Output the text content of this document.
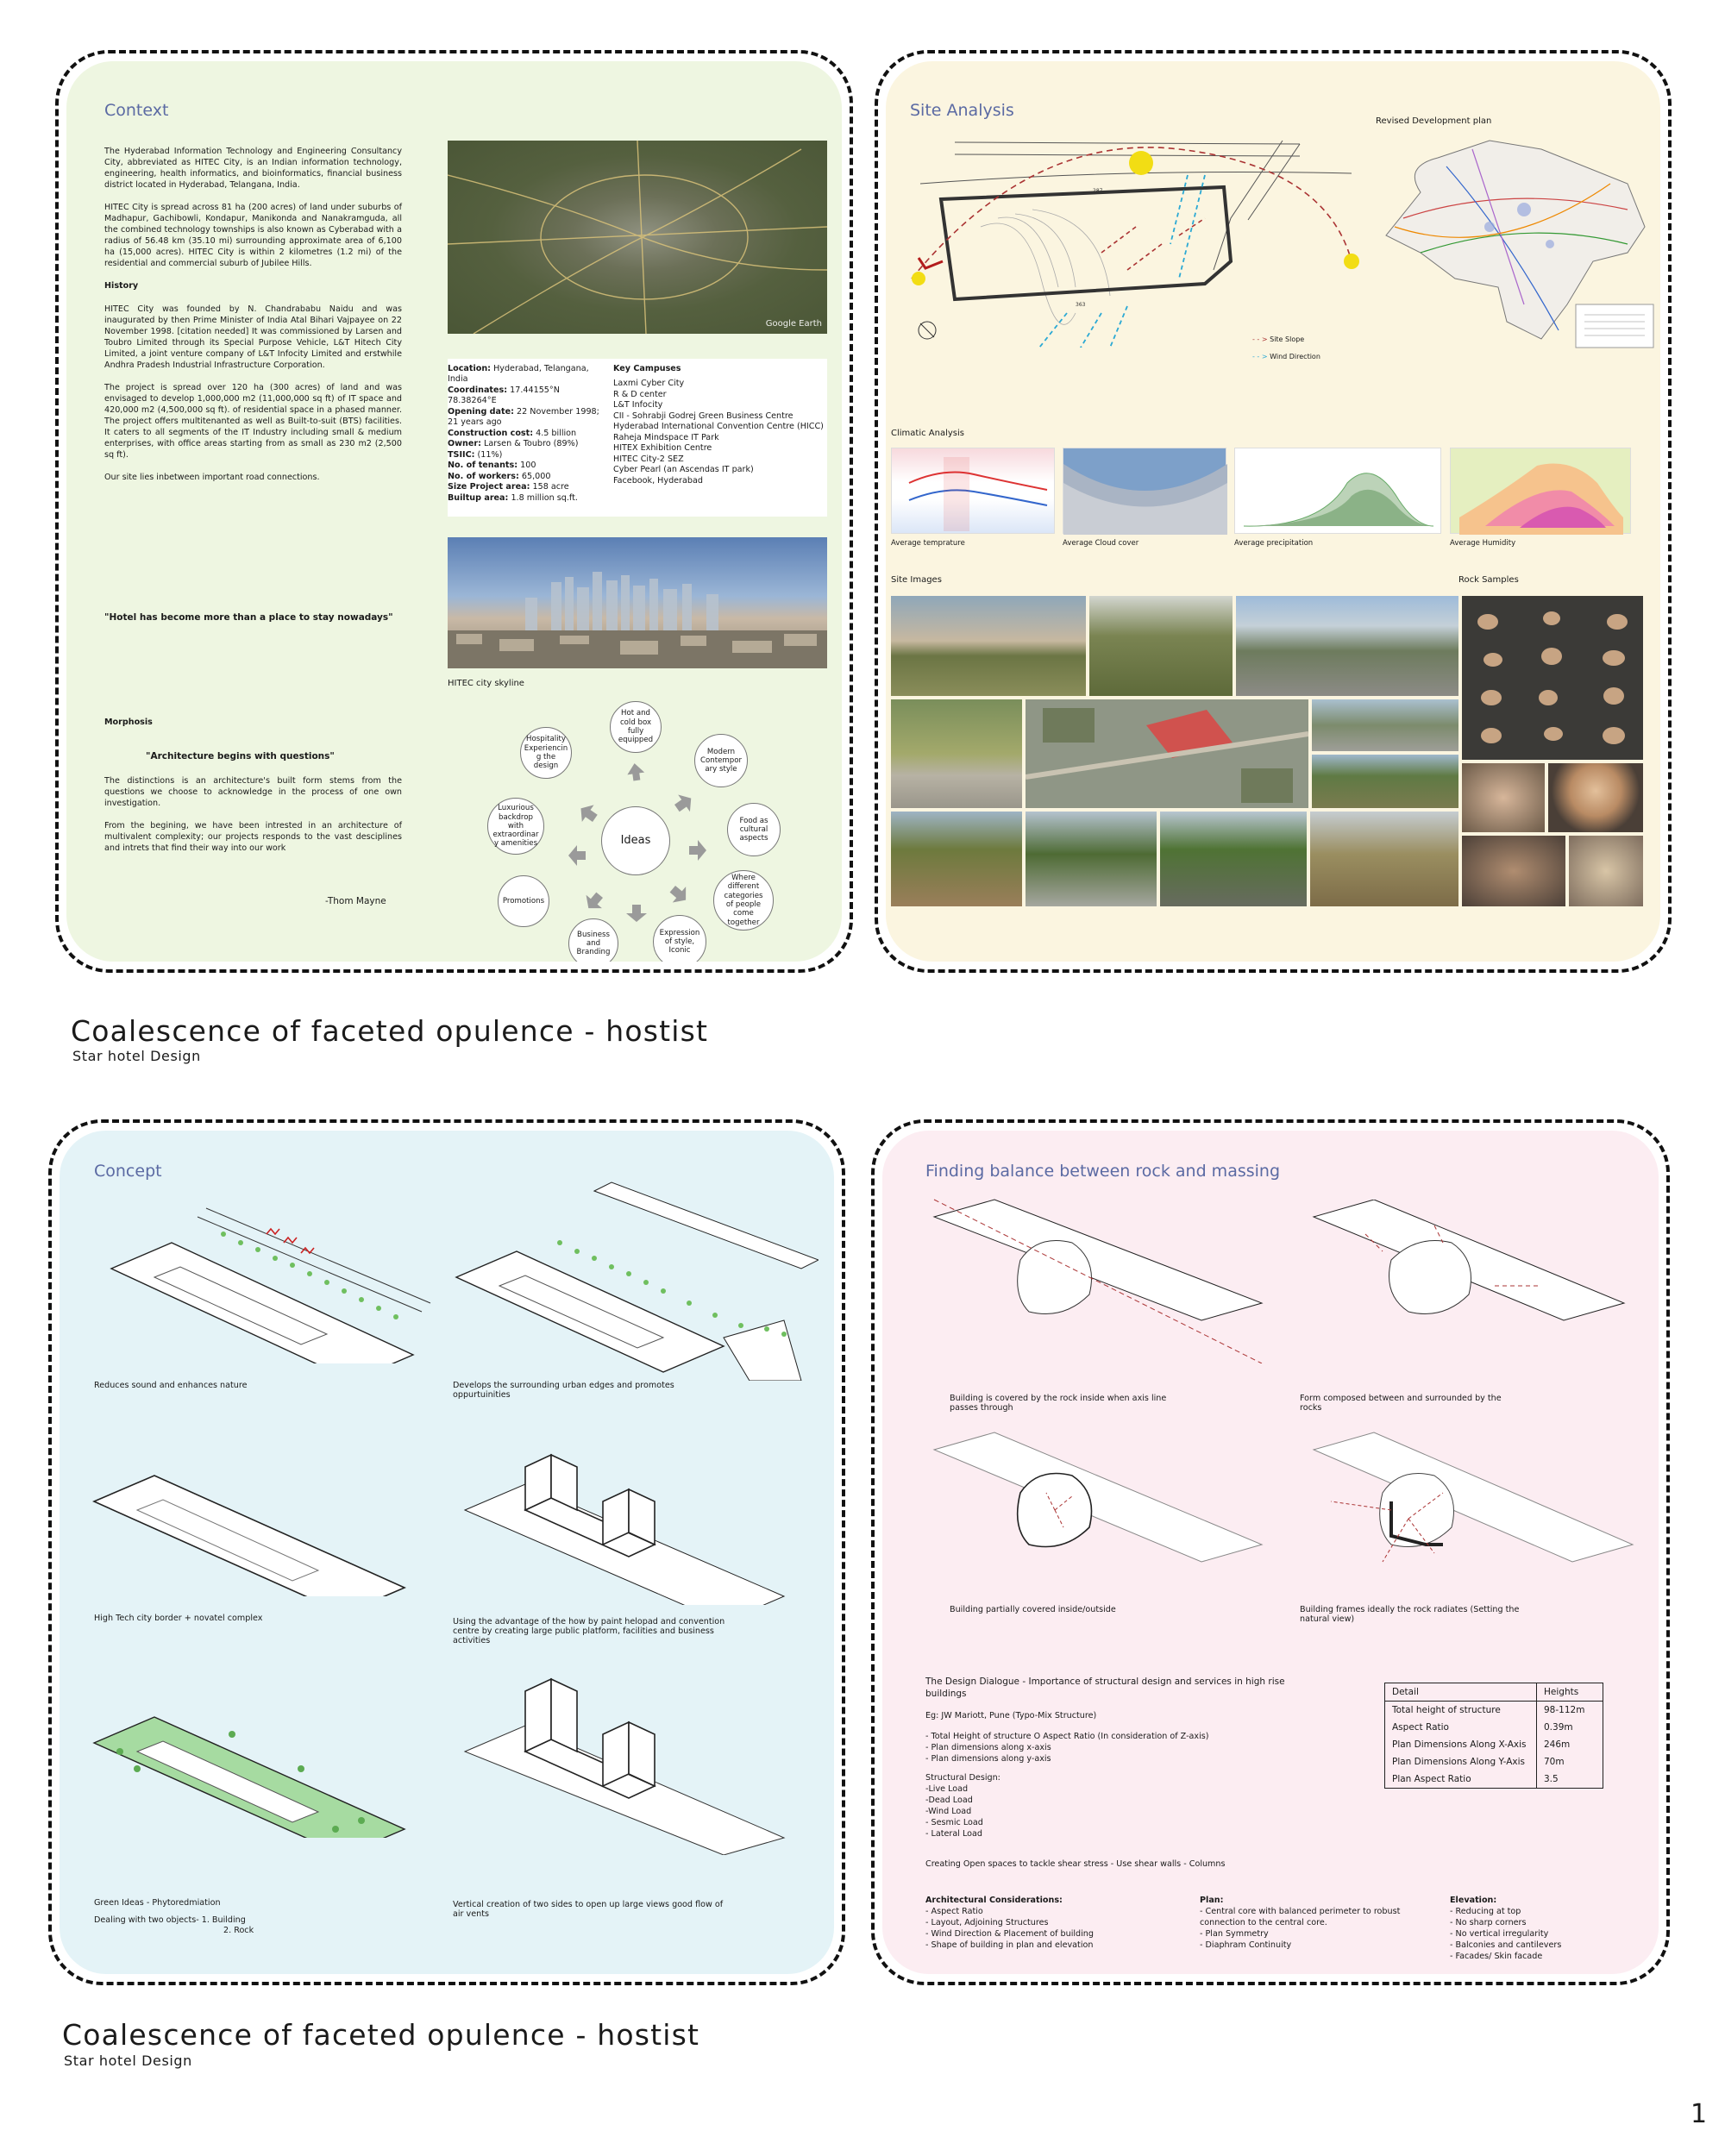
Context

The Hyderabad Information Technology and Engineering Consultancy City, abbreviated as HITEC City, is an Indian information technology, engineering, health informatics, and bioinformatics, financial business district located in Hyderabad, Telangana, India.

HITEC City is spread across 81 ha (200 acres) of land under suburbs of Madhapur, Gachibowli, Kondapur, Manikonda and Nanakramguda, all the combined technology townships is also known as Cyberabad with a radius of 56.48 km (35.10 mi) surrounding approximate area of 6,100 ha (15,000 acres). HITEC City is within 2 kilometres (1.2 mi) of the residential and commercial suburb of Jubilee Hills.

History

HITEC City was founded by N. Chandrababu Naidu and was inaugurated by then Prime Minister of India Atal Bihari Vajpayee on 22 November 1998. [citation needed] It was commissioned by Larsen and Toubro Limited through its Special Purpose Vehicle, L&T Hitech City Limited, a joint venture company of L&T Infocity Limited and erstwhile Andhra Pradesh Industrial Infrastructure Corporation.

The project is spread over 120 ha (300 acres) of land and was envisaged to develop 1,000,000 m2 (11,000,000 sq ft) of IT space and 420,000 m2 (4,500,000 sq ft). of residential space in a phased manner. The project offers multitenanted as well as Built-to-suit (BTS) facilities. It caters to all segments of the IT Industry including small & medium enterprises, with office areas starting from as small as 230 m2 (2,500 sq ft).

Our site lies inbetween important road connections.

"Hotel has become more than a place to stay nowadays"
Morphosis
"Architecture begins with questions"

The distinctions is an architecture's built form stems from the questions we choose to acknowledge in the process of one own investigation.

From the begining, we have been intrested in an architecture of multivalent complexity; our projects responds to the vast desciplines and intrets that find their way into our work

-Thom Mayne
Google Earth
Location: Hyderabad, Telangana, India
Coordinates: 17.44155°N 78.38264°E
Opening date: 22 November 1998; 21 years ago
Construction cost: 4.5 billion
Owner: Larsen & Toubro (89%)
TSIIC: (11%)
No. of tenants: 100
No. of workers: 65,000
Size Project area: 158 acre
Builtup area: 1.8 million sq.ft.
Key Campuses
Laxmi Cyber City
R & D center
L&T Infocity
CII - Sohrabji Godrej Green Business Centre
Hyderabad International Convention Centre (HICC)
Raheja Mindspace IT Park
HITEX Exhibition Centre
HITEC City-2 SEZ
Cyber Pearl (an Ascendas IT park)
Facebook, Hyderabad
HITEC city skyline
Ideas
Hot and cold box fully equipped
Modern Contempor ary style
Food as cultural aspects
Where different categories of people come together
Expression of style, Iconic
Business and Branding
Promotions
Luxurious backdrop with extraordinar y amenities
Hospitality Experiencin g the design
Site Analysis
Revised Development plan
287
363
- - > Site Slope
- - > Wind Direction
Climatic Analysis
Average temprature	Average Cloud cover	Average precipitation	Average Humidity
Site Images	Rock Samples
Coalescence of faceted opulence - hostist
Star hotel Design
Concept
Reduces sound and enhances nature	Develops the surrounding urban edges and promotes oppurtuinities
High Tech city border + novatel complex	Using the advantage of the how by paint helopad and convention centre by creating large public platform, facilities and business activities
Green Ideas - Phytoredmiation
Dealing with two objects- 1. Building
2. Rock
Vertical creation of two sides to open up large views good flow of air vents
Finding balance between rock and massing
Building is covered by the rock inside when axis line passes through
Form composed between and surrounded by the rocks
Building partially covered inside/outside	Building frames ideally the rock radiates (Setting the natural view)
The Design Dialogue - Importance of structural design and services in high rise buildings
Eg: JW Mariott, Pune (Typo-Mix Structure)
- Total Height of structure O Aspect Ratio (In consideration of Z-axis)
- Plan dimensions along x-axis
- Plan dimensions along y-axis
Structural Design:
-Live Load
-Dead Load
-Wind Load
- Sesmic Load
- Lateral Load
Creating Open spaces to tackle shear stress - Use shear walls - Columns
Detail	Heights
Total height of structure	98-112m
Aspect Ratio	0.39m
Plan Dimensions Along X-Axis	246m
Plan Dimensions Along Y-Axis	70m
Plan Aspect Ratio	3.5
Architectural Considerations:
- Aspect Ratio
- Layout, Adjoining Structures
- Wind Direction & Placement of building
- Shape of building in plan and elevation
Plan:
- Central core with balanced perimeter to robust connection to the central core.
- Plan Symmetry
- Diaphram Continuity
Elevation:
- Reducing at top
- No sharp corners
- No vertical irregularity
- Balconies and cantilevers
- Facades/ Skin facade
Coalescence of faceted opulence - hostist
Star hotel Design
1
